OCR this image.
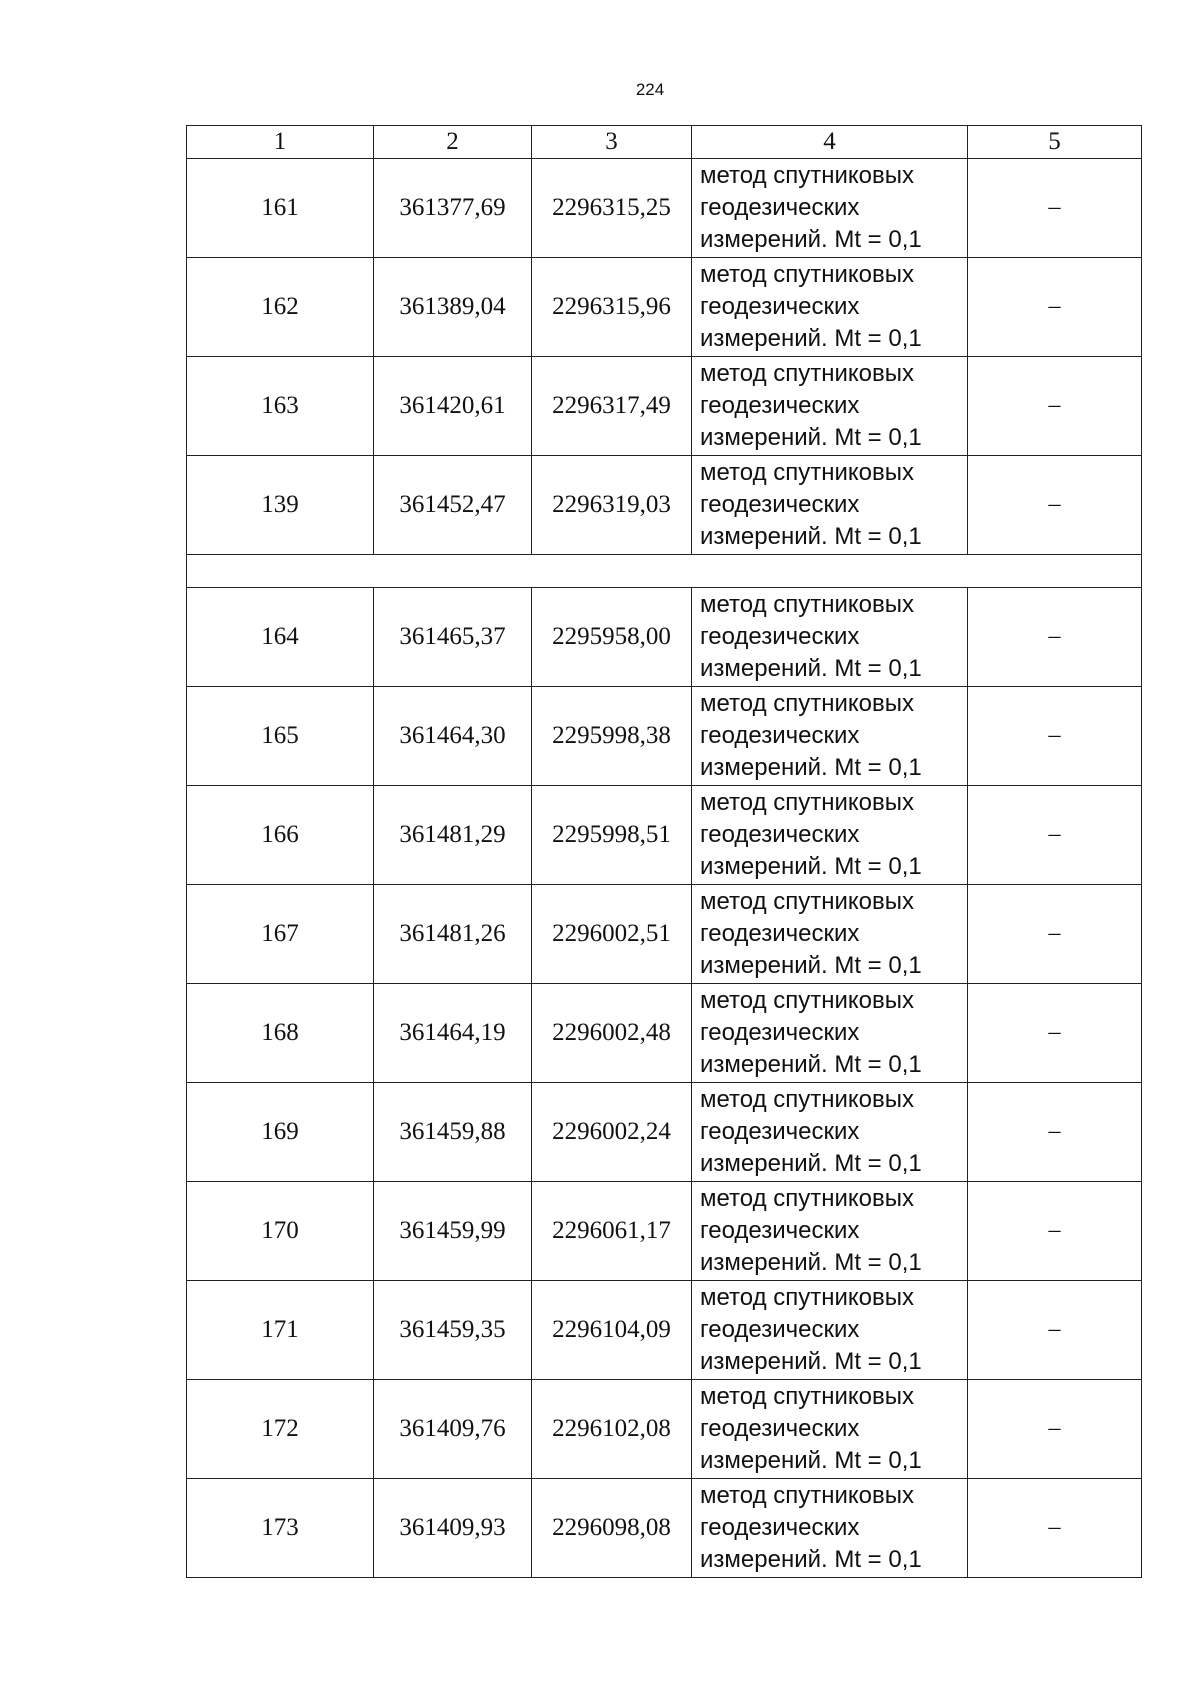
224
1	2	3	4	5
161	361377,69	2296315,25	метод спутниковых
геодезических
измерений. Mt = 0,1	–
162	361389,04	2296315,96	метод спутниковых
геодезических
измерений. Mt = 0,1	–
163	361420,61	2296317,49	метод спутниковых
геодезических
измерений. Mt = 0,1	–
139	361452,47	2296319,03	метод спутниковых
геодезических
измерений. Mt = 0,1	–

164	361465,37	2295958,00	метод спутниковых
геодезических
измерений. Mt = 0,1	–
165	361464,30	2295998,38	метод спутниковых
геодезических
измерений. Mt = 0,1	–
166	361481,29	2295998,51	метод спутниковых
геодезических
измерений. Mt = 0,1	–
167	361481,26	2296002,51	метод спутниковых
геодезических
измерений. Mt = 0,1	–
168	361464,19	2296002,48	метод спутниковых
геодезических
измерений. Mt = 0,1	–
169	361459,88	2296002,24	метод спутниковых
геодезических
измерений. Mt = 0,1	–
170	361459,99	2296061,17	метод спутниковых
геодезических
измерений. Mt = 0,1	–
171	361459,35	2296104,09	метод спутниковых
геодезических
измерений. Mt = 0,1	–
172	361409,76	2296102,08	метод спутниковых
геодезических
измерений. Mt = 0,1	–
173	361409,93	2296098,08	метод спутниковых
геодезических
измерений. Mt = 0,1	–
